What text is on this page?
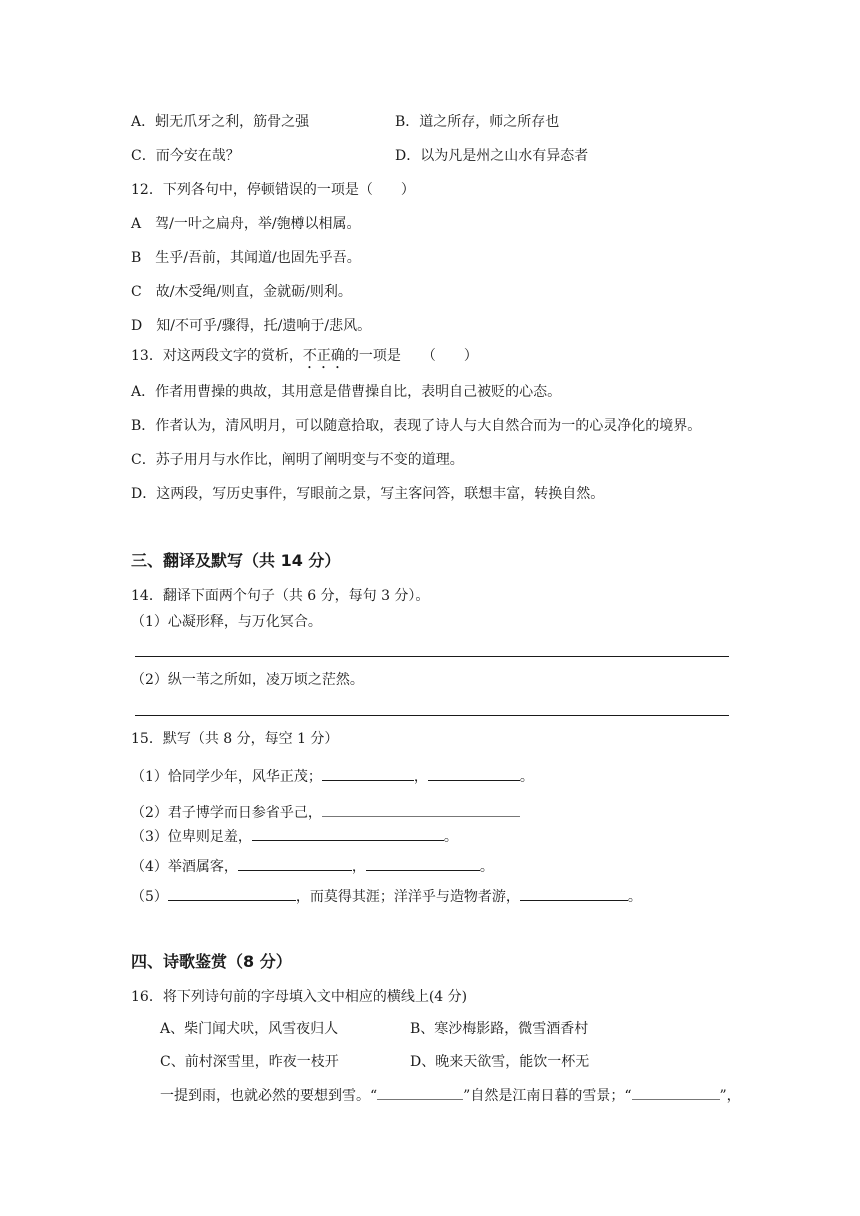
A．蚓无爪牙之利，筋骨之强	B．道之所存，师之所存也
C．而今安在哉？	D．以为凡是州之山水有异态者
12．下列各句中，停顿错误的一项是（　　）
A　驾/一叶之扁舟，举/匏樽以相属。
B　生乎/吾前，其闻道/也固先乎吾。
C　故/木受绳/则直，金就砺/则利。
D　知/不可乎/骤得，托/遗响于/悲风。
13．对这两段文字的赏析，不正确的一项是　　（　　）
A．作者用曹操的典故，其用意是借曹操自比，表明自己被贬的心态。
B．作者认为，清风明月，可以随意拾取，表现了诗人与大自然合而为一的心灵净化的境界。
C．苏子用月与水作比，阐明了阐明变与不变的道理。
D．这两段，写历史事件，写眼前之景，写主客问答，联想丰富，转换自然。
三、翻译及默写（共 14 分）
14．翻译下面两个句子（共 6 分，每句 3 分）。
（1）心凝形释，与万化冥合。
（2）纵一苇之所如，凌万顷之茫然。
15．默写（共 8 分，每空 1 分）
（1）恰同学少年，风华正茂；	，	。
（2）君子博学而日参省乎己，
（3）位卑则足羞，	。
（4）举酒属客，	，	。
（5）	，而莫得其涯；洋洋乎与造物者游，	。
四、诗歌鉴赏（8 分）
16．将下列诗句前的字母填入文中相应的横线上(4 分)
A、柴门闻犬吠，风雪夜归人	B、寒沙梅影路，微雪酒香村
C、前村深雪里，昨夜一枝开	D、晚来天欲雪，能饮一杯无
一提到雨，也就必然的要想到雪。“	”自然是江南日暮的雪景；“	”，
